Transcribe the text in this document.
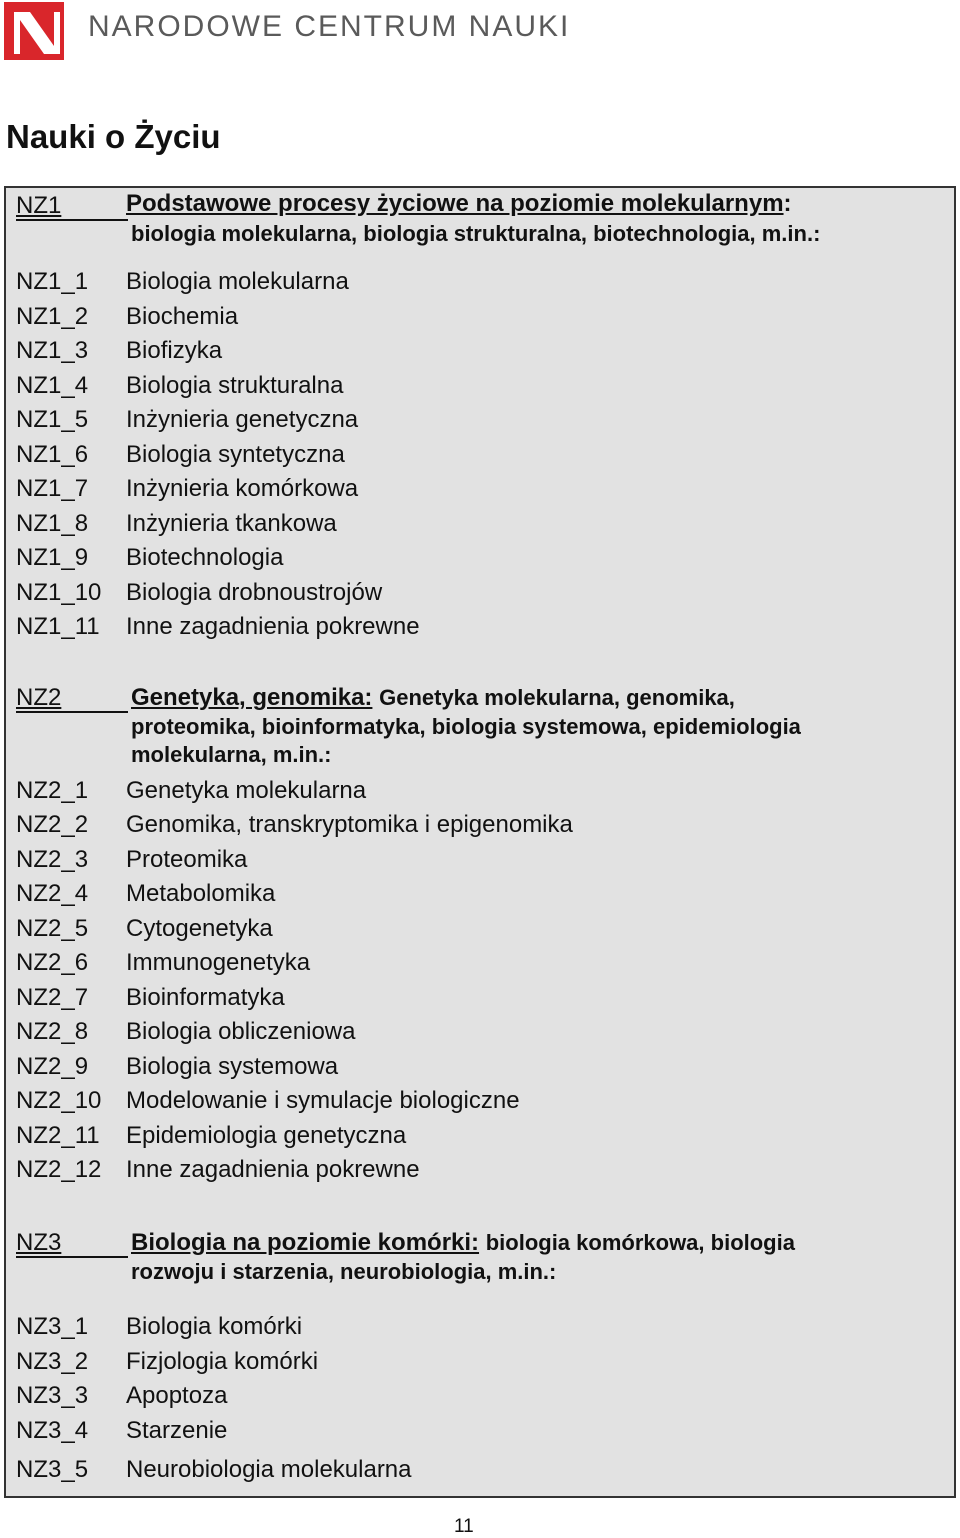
NARODOWE CENTRUM NAUKI
Nauki o Życiu
NZ1	Podstawowe procesy życiowe na poziomie molekularnym:
biologia molekularna, biologia strukturalna, biotechnologia, m.in.:
NZ1_1 Biologia molekularna
NZ1_2 Biochemia
NZ1_3 Biofizyka
NZ1_4 Biologia strukturalna
NZ1_5 Inżynieria genetyczna
NZ1_6 Biologia syntetyczna
NZ1_7 Inżynieria komórkowa
NZ1_8 Inżynieria tkankowa
NZ1_9 Biotechnologia
NZ1_10 Biologia drobnoustrojów
NZ1_11 Inne zagadnienia pokrewne
NZ2	Genetyka, genomika: Genetyka molekularna, genomika,
proteomika, bioinformatyka, biologia systemowa, epidemiologia
molekularna, m.in.:
NZ2_1 Genetyka molekularna
NZ2_2 Genomika, transkryptomika i epigenomika
NZ2_3 Proteomika
NZ2_4 Metabolomika
NZ2_5 Cytogenetyka
NZ2_6 Immunogenetyka
NZ2_7 Bioinformatyka
NZ2_8 Biologia obliczeniowa
NZ2_9 Biologia systemowa
NZ2_10 Modelowanie i symulacje biologiczne
NZ2_11 Epidemiologia genetyczna
NZ2_12 Inne zagadnienia pokrewne
NZ3	Biologia na poziomie komórki: biologia komórkowa, biologia
rozwoju i starzenia, neurobiologia, m.in.:
NZ3_1 Biologia komórki
NZ3_2 Fizjologia komórki
NZ3_3 Apoptoza
NZ3_4 Starzenie
NZ3_5 Neurobiologia molekularna
11
